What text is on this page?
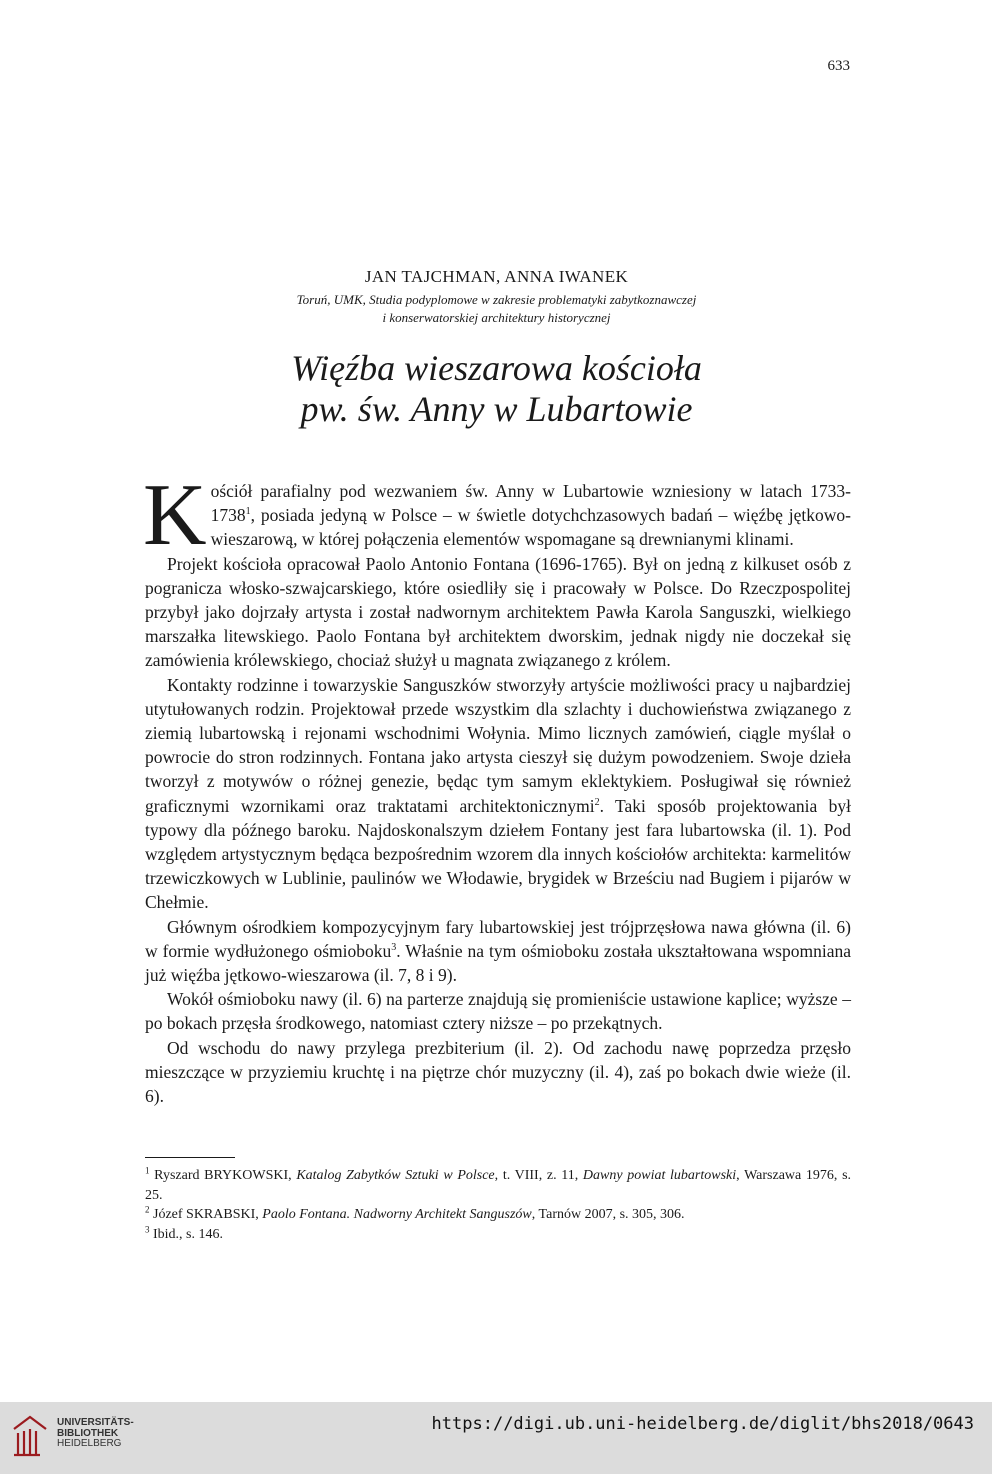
633
JAN TAJCHMAN, ANNA IWANEK
Toruń, UMK, Studia podyplomowe w zakresie problematyki zabytkoznawczej
i konserwatorskiej architektury historycznej
Więźba wieszarowa kościoła
pw. św. Anny w Lubartowie

Kościół parafialny pod wezwaniem św. Anny w Lubartowie wzniesiony w latach 1733-1738$^1$, posiada jedyną w Polsce – w świetle dotychchzasowych badań – więźbę jętkowo-wieszarową, w której połączenia elementów wspomagane są drewnianymi klinami.

Projekt kościoła opracował Paolo Antonio Fontana (1696-1765). Był on jedną z kilkuset osób z pogranicza włosko-szwajcarskiego, które osiedliły się i pracowały w Polsce. Do Rzeczpospolitej przybył jako dojrzały artysta i został nadwornym architektem Pawła Karola Sanguszki, wielkiego marszałka litewskiego. Paolo Fontana był architektem dworskim, jednak nigdy nie doczekał się zamówienia królewskiego, chociaż służył u magnata związanego z królem.

Kontakty rodzinne i towarzyskie Sanguszków stworzyły artyście możliwości pracy u najbardziej utytułowanych rodzin. Projektował przede wszystkim dla szlachty i duchowieństwa związanego z ziemią lubartowską i rejonami wschodnimi Wołynia. Mimo licznych zamówień, ciągle myślał o powrocie do stron rodzinnych. Fontana jako artysta cieszył się dużym powodzeniem. Swoje dzieła tworzył z motywów o różnej genezie, będąc tym samym eklektykiem. Posługiwał się również graficznymi wzornikami oraz traktatami architektonicznymi$^2$. Taki sposób projektowania był typowy dla późnego baroku. Najdoskonalszym dziełem Fontany jest fara lubartowska (il. 1). Pod względem artystycznym będąca bezpośrednim wzorem dla innych kościołów architekta: karmelitów trzewiczkowych w Lublinie, paulinów we Włodawie, brygidek w Brześciu nad Bugiem i pijarów w Chełmie.

Głównym ośrodkiem kompozycyjnym fary lubartowskiej jest trójprzęsłowa nawa główna (il. 6) w formie wydłużonego ośmioboku$^3$. Właśnie na tym ośmioboku została ukształtowana wspomniana już więźba jętkowo-wieszarowa (il. 7, 8 i 9).

Wokół ośmioboku nawy (il. 6) na parterze znajdują się promieniście ustawione kaplice; wyższe – po bokach przęsła środkowego, natomiast cztery niższe – po przekątnych.

Od wschodu do nawy przylega prezbiterium (il. 2). Od zachodu nawę poprzedza przęsło mieszczące w przyziemiu kruchtę i na piętrze chór muzyczny (il. 4), zaś po bokach dwie wieże (il. 6).

$^1$ Ryszard BRYKOWSKI, Katalog Zabytków Sztuki w Polsce, t. VIII, z. 11, Dawny powiat lubartowski, Warszawa 1976, s. 25.

$^2$ Józef SKRABSKI, Paolo Fontana. Nadworny Architekt Sanguszów, Tarnów 2007, s. 305, 306.

$^3$ Ibid., s. 146.

UNIVERSITÄTS-
BIBLIOTHEK
HEIDELBERG
https://digi.ub.uni-heidelberg.de/diglit/bhs2018/0643
